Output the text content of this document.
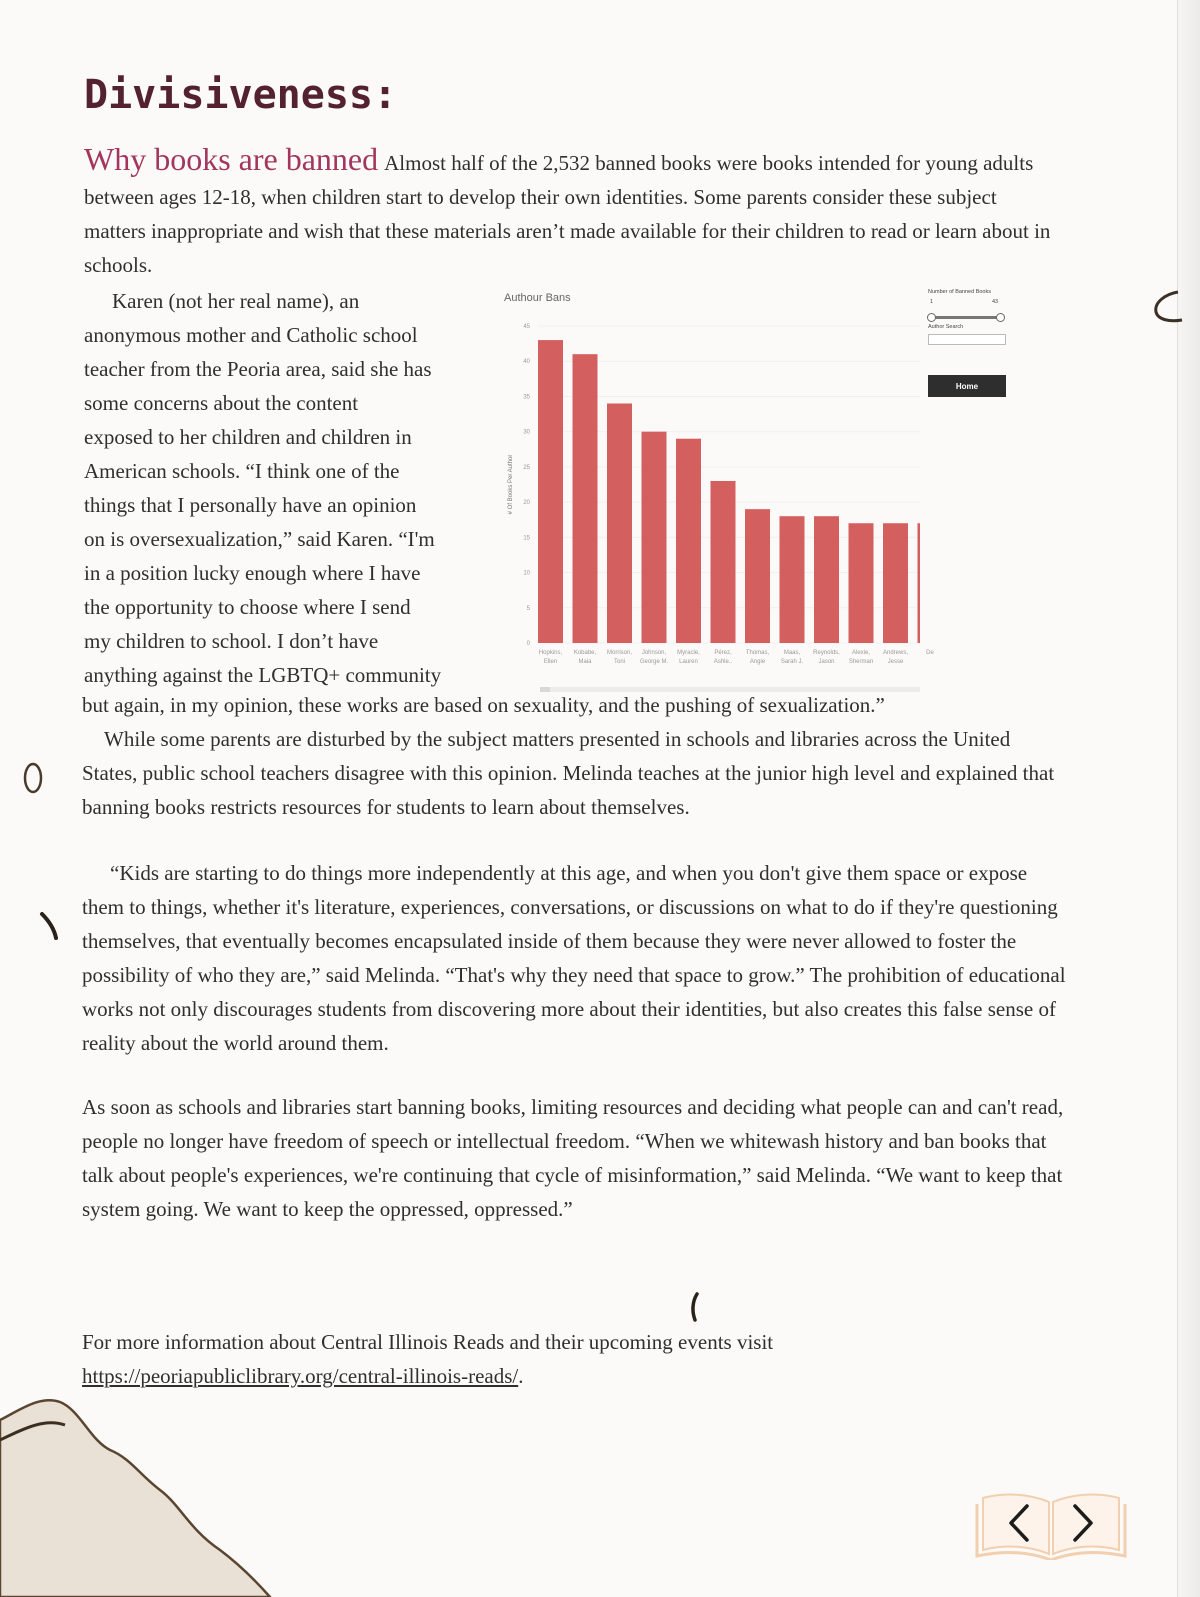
Divisiveness:

Why books are banned Almost half of the 2,532 banned books were books intended for young adults between ages 12-18, when children start to develop their own identities. Some parents consider these subject matters inappropriate and wish that these materials aren’t made available for their children to read or learn about in schools.

Karen (not her real name), an
anonymous mother and Catholic school
teacher from the Peoria area, said she has
some concerns about the content
exposed to her children and children in
American schools. “I think one of the
things that I personally have an opinion
on is oversexualization,” said Karen. “I'm
in a position lucky enough where I have
the opportunity to choose where I send
my children to school. I don’t have
anything against the LGBTQ+ community
Authour Bans
0
5
10
15
20
25
30
35
40
45
# Of Books Per Author
Hopkins,
Ellen
Kobabe,
Maia
Morrison,
Toni
Johnson,
George M.
Myracle,
Lauren
Pérez,
Ashle..
Thomas,
Angie
Maas,
Sarah J.
Reynolds,
Jason
Alexie,
Sherman
Andrews,
Jesse
De
Number of Banned Books
1	43
Author Search
Home
but again, in my opinion, these works are based on sexuality, and the pushing of sexualization.”

While some parents are disturbed by the subject matters presented in schools and libraries across the United States, public school teachers disagree with this opinion. Melinda teaches at the junior high level and explained that banning books restricts resources for students to learn about themselves.

“Kids are starting to do things more independently at this age, and when you don't give them space or expose them to things, whether it's literature, experiences, conversations, or discussions on what to do if they're questioning themselves, that eventually becomes encapsulated inside of them because they were never allowed to foster the possibility of who they are,” said Melinda. “That's why they need that space to grow.” The prohibition of educational works not only discourages students from discovering more about their identities, but also creates this false sense of reality about the world around them.

As soon as schools and libraries start banning books, limiting resources and deciding what people can and can't read, people no longer have freedom of speech or intellectual freedom. “When we whitewash history and ban books that talk about people's experiences, we're continuing that cycle of misinformation,” said Melinda. “We want to keep that system going. We want to keep the oppressed, oppressed.”

For more information about Central Illinois Reads and their upcoming events visit https://peoriapubliclibrary.org/central-illinois-reads/.
